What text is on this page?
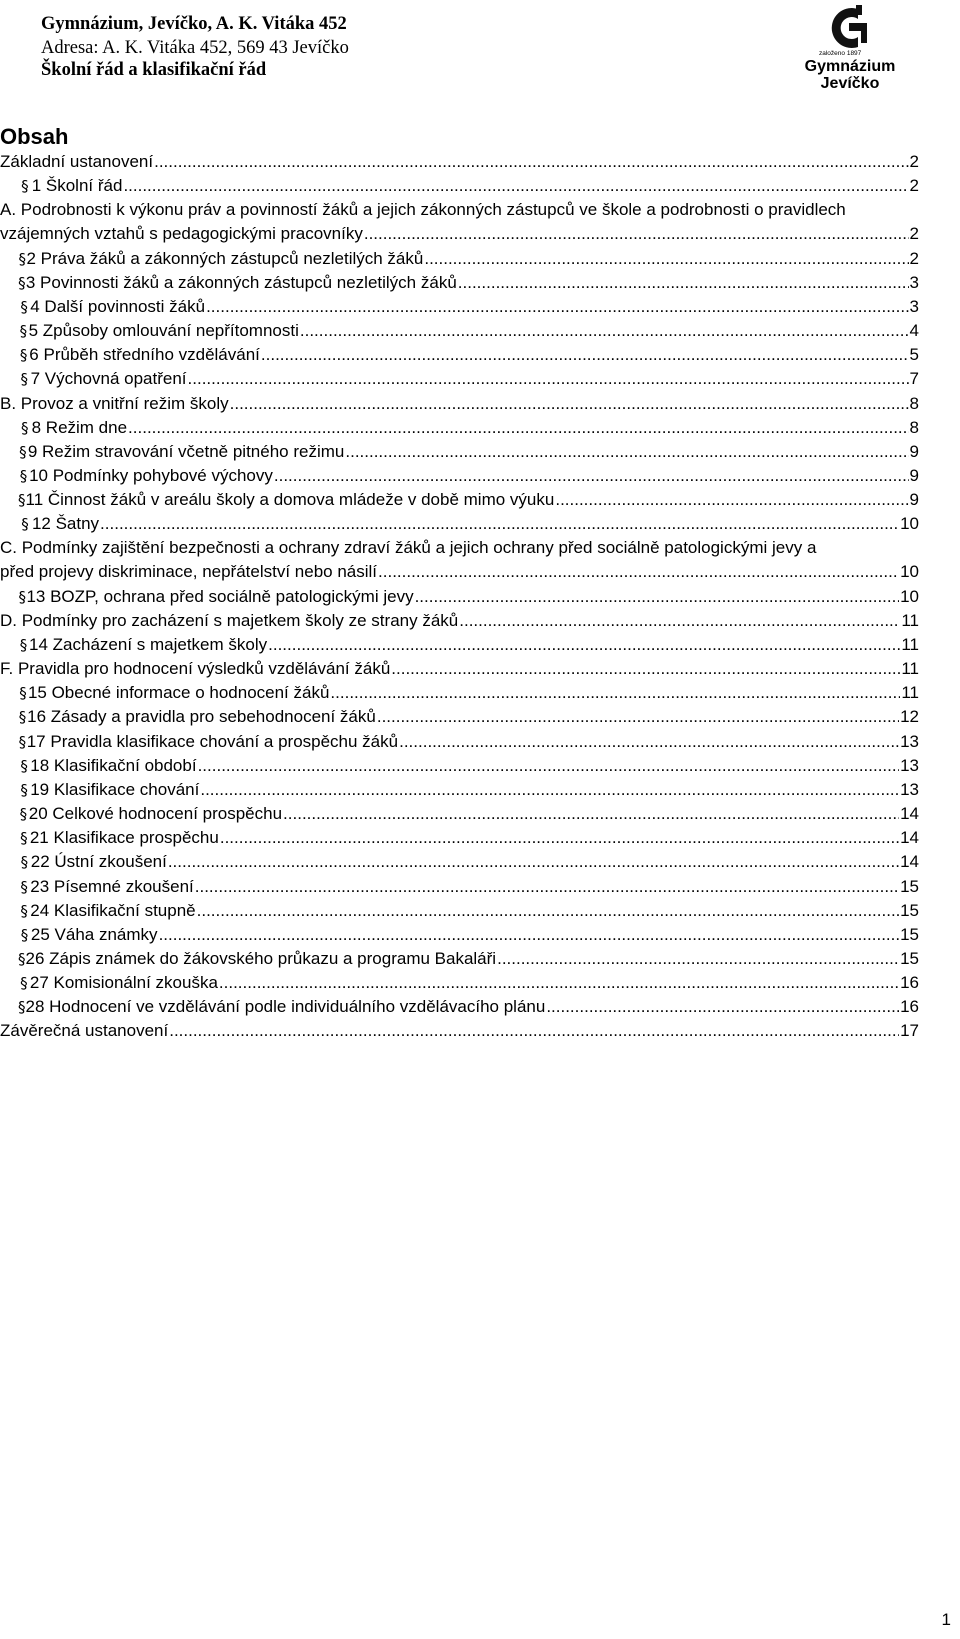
Gymnázium, Jevíčko, A. K. Vitáka 452
Adresa: A. K. Vitáka 452, 569 43 Jevíčko
Školní řád a klasifikační řád
založeno 1897
Gymnázium
Jevíčko
Obsah
Základní ustanovení .....	2
§ 1 Školní řád .....	2
A. Podrobnosti k výkonu práv a povinností žáků a jejich zákonných zástupců ve škole a podrobnosti o pravidlech
vzájemných vztahů s pedagogickými pracovníky .....	2
§ 2 Práva žáků a zákonných zástupců nezletilých žáků .....	2
§ 3 Povinnosti žáků a zákonných zástupců nezletilých žáků .....	3
§ 4 Další povinnosti žáků .....	3
§ 5 Způsoby omlouvání nepřítomnosti .....	4
§ 6 Průběh středního vzdělávání .....	5
§ 7 Výchovná opatření .....	7
B. Provoz a vnitřní režim školy .....	8
§ 8 Režim dne .....	8
§ 9 Režim stravování včetně pitného režimu .....	9
§ 10 Podmínky pohybové výchovy .....	9
§ 11 Činnost žáků v areálu školy a domova mládeže v době mimo výuku .....	9
§ 12 Šatny .....	10
C. Podmínky zajištění bezpečnosti a ochrany zdraví žáků a jejich ochrany před sociálně patologickými jevy a
před projevy diskriminace, nepřátelství nebo násilí .....	10
§ 13 BOZP, ochrana před sociálně patologickými jevy .....	10
D. Podmínky pro zacházení s majetkem školy ze strany žáků .....	11
§ 14 Zacházení s majetkem školy .....	11
F. Pravidla pro hodnocení výsledků vzdělávání žáků .....	11
§ 15 Obecné informace o hodnocení žáků .....	11
§ 16 Zásady a pravidla pro sebehodnocení žáků .....	12
§ 17 Pravidla klasifikace chování a prospěchu žáků .....	13
§ 18 Klasifikační období .....	13
§ 19 Klasifikace chování .....	13
§ 20 Celkové hodnocení prospěchu .....	14
§ 21 Klasifikace prospěchu .....	14
§ 22 Ústní zkoušení .....	14
§ 23 Písemné zkoušení .....	15
§ 24 Klasifikační stupně .....	15
§ 25 Váha známky .....	15
§ 26 Zápis známek do žákovského průkazu a programu Bakaláři .....	15
§ 27 Komisionální zkouška .....	16
§ 28 Hodnocení ve vzdělávání podle individuálního vzdělávacího plánu .....	16
Závěrečná ustanovení .....	17
1
